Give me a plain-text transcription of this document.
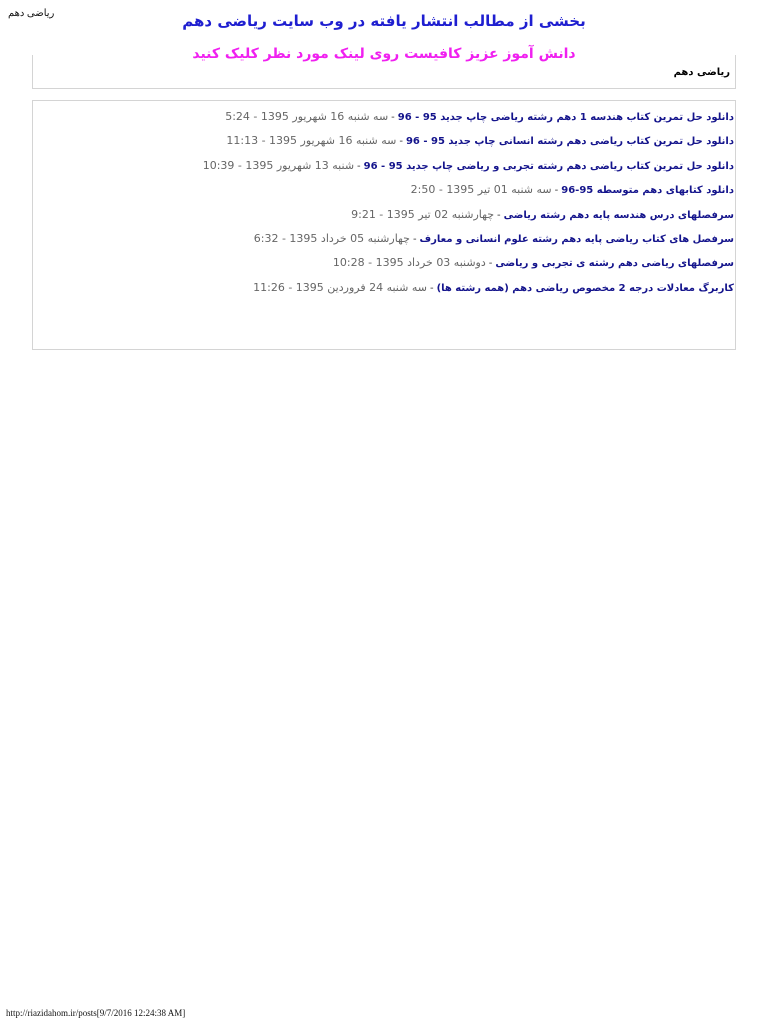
رياضی دهم	بخشی از مطالب انتشار یافته در وب سایت ریاضی دهم
دانش آموز عزیز کافیست روی لینک مورد نظر کلیک کنید
رياضی دهم
دانلود حل تمرین کتاب هندسه 1 دهم رشته ریاضی چاپ جدید 95 - 96-سه شنبه 16 شهریور 1395 - 5:24
دانلود حل تمرین کتاب ریاضی دهم رشته انسانی چاپ جدید 95 - 96-سه شنبه 16 شهریور 1395 - 11:13
دانلود حل تمرین کتاب ریاضی دهم رشته تجربی و ریاضی چاپ جدید 95 - 96-شنبه 13 شهریور 1395 - 10:39
دانلود کتابهای دهم متوسطه 95-96-سه شنبه 01 تیر 1395 - 2:50
سرفصلهای درس هندسه پایه دهم رشته ریاضی-چهارشنبه 02 تیر 1395 - 9:21
سرفصل های کتاب ریاضی پایه دهم رشته علوم انسانی و معارف-چهارشنبه 05 خرداد 1395 - 6:32
سرفصلهای ریاضی دهم رشته ی تجربی و ریاضی-دوشنبه 03 خرداد 1395 - 10:28
کاربرگ معادلات درجه 2 مخصوص ریاضی دهم (همه رشته ها)-سه شنبه 24 فروردین 1395 - 11:26
http://riazidahom.ir/posts[9/7/2016 12:24:38 AM]
